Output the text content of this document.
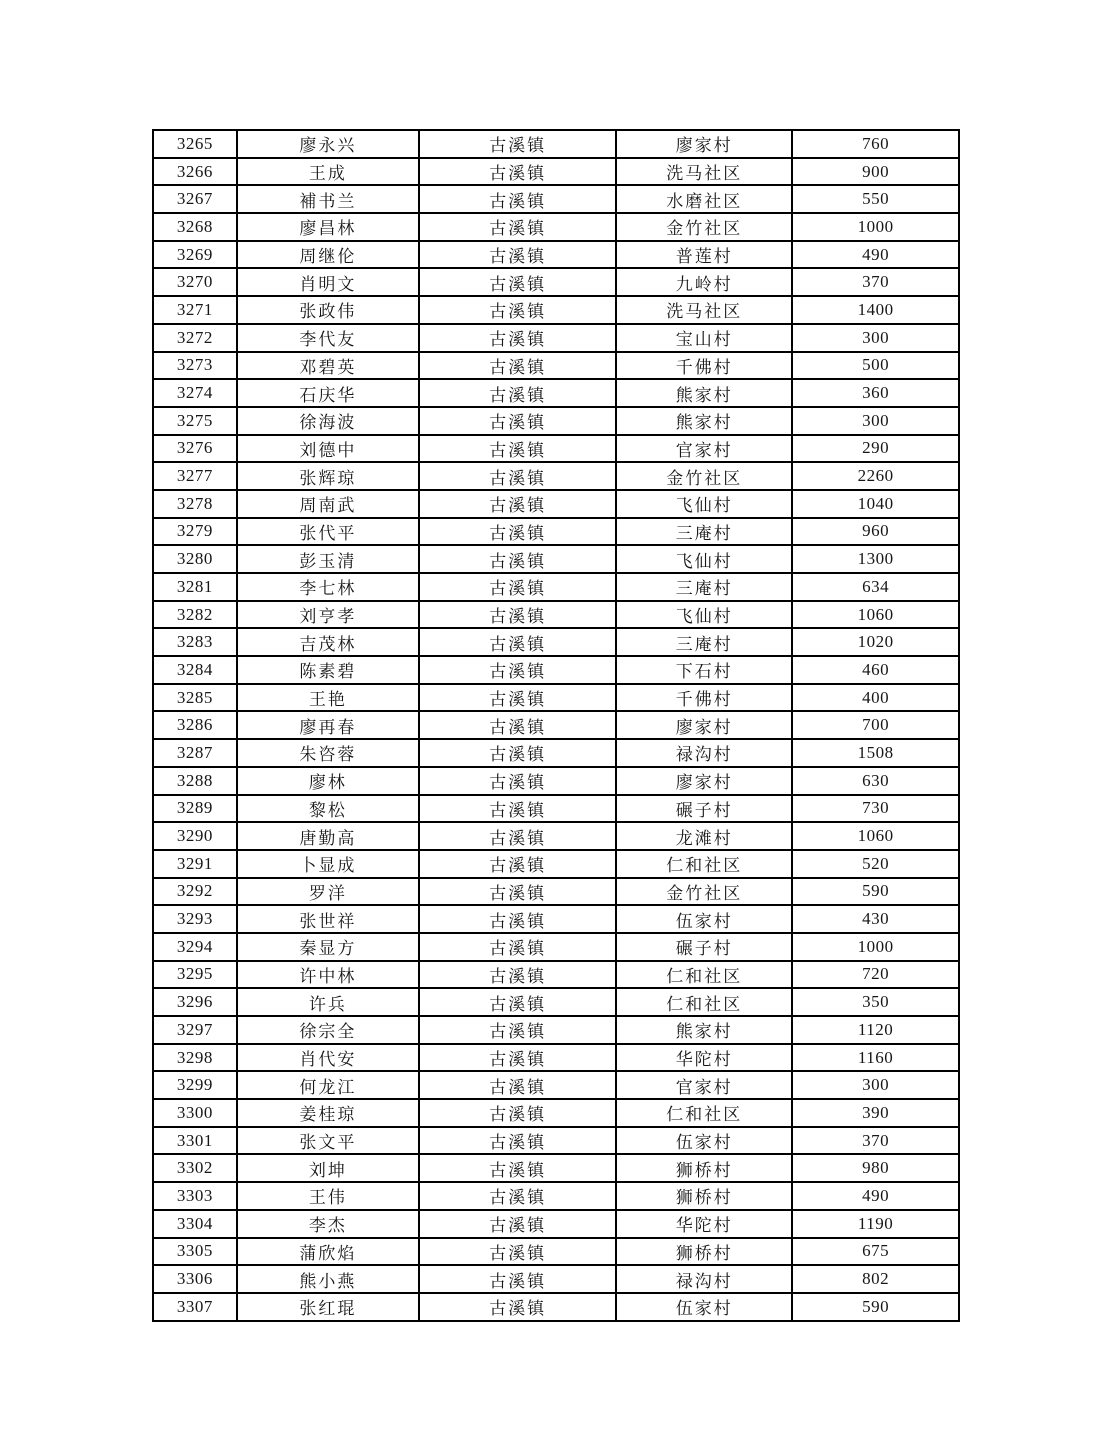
3265	廖永兴	古溪镇	廖家村	760
3266	王成	古溪镇	洗马社区	900
3267	補书兰	古溪镇	水磨社区	550
3268	廖昌林	古溪镇	金竹社区	1000
3269	周继伦	古溪镇	普莲村	490
3270	肖明文	古溪镇	九岭村	370
3271	张政伟	古溪镇	洗马社区	1400
3272	李代友	古溪镇	宝山村	300
3273	邓碧英	古溪镇	千佛村	500
3274	石庆华	古溪镇	熊家村	360
3275	徐海波	古溪镇	熊家村	300
3276	刘德中	古溪镇	官家村	290
3277	张辉琼	古溪镇	金竹社区	2260
3278	周南武	古溪镇	飞仙村	1040
3279	张代平	古溪镇	三庵村	960
3280	彭玉清	古溪镇	飞仙村	1300
3281	李七林	古溪镇	三庵村	634
3282	刘亨孝	古溪镇	飞仙村	1060
3283	吉茂林	古溪镇	三庵村	1020
3284	陈素碧	古溪镇	下石村	460
3285	王艳	古溪镇	千佛村	400
3286	廖再春	古溪镇	廖家村	700
3287	朱咨蓉	古溪镇	禄沟村	1508
3288	廖林	古溪镇	廖家村	630
3289	黎松	古溪镇	碾子村	730
3290	唐勤高	古溪镇	龙滩村	1060
3291	卜显成	古溪镇	仁和社区	520
3292	罗洋	古溪镇	金竹社区	590
3293	张世祥	古溪镇	伍家村	430
3294	秦显方	古溪镇	碾子村	1000
3295	许中林	古溪镇	仁和社区	720
3296	许兵	古溪镇	仁和社区	350
3297	徐宗全	古溪镇	熊家村	1120
3298	肖代安	古溪镇	华陀村	1160
3299	何龙江	古溪镇	官家村	300
3300	姜桂琼	古溪镇	仁和社区	390
3301	张文平	古溪镇	伍家村	370
3302	刘坤	古溪镇	狮桥村	980
3303	王伟	古溪镇	狮桥村	490
3304	李杰	古溪镇	华陀村	1190
3305	蒲欣焰	古溪镇	狮桥村	675
3306	熊小燕	古溪镇	禄沟村	802
3307	张红琨	古溪镇	伍家村	590
